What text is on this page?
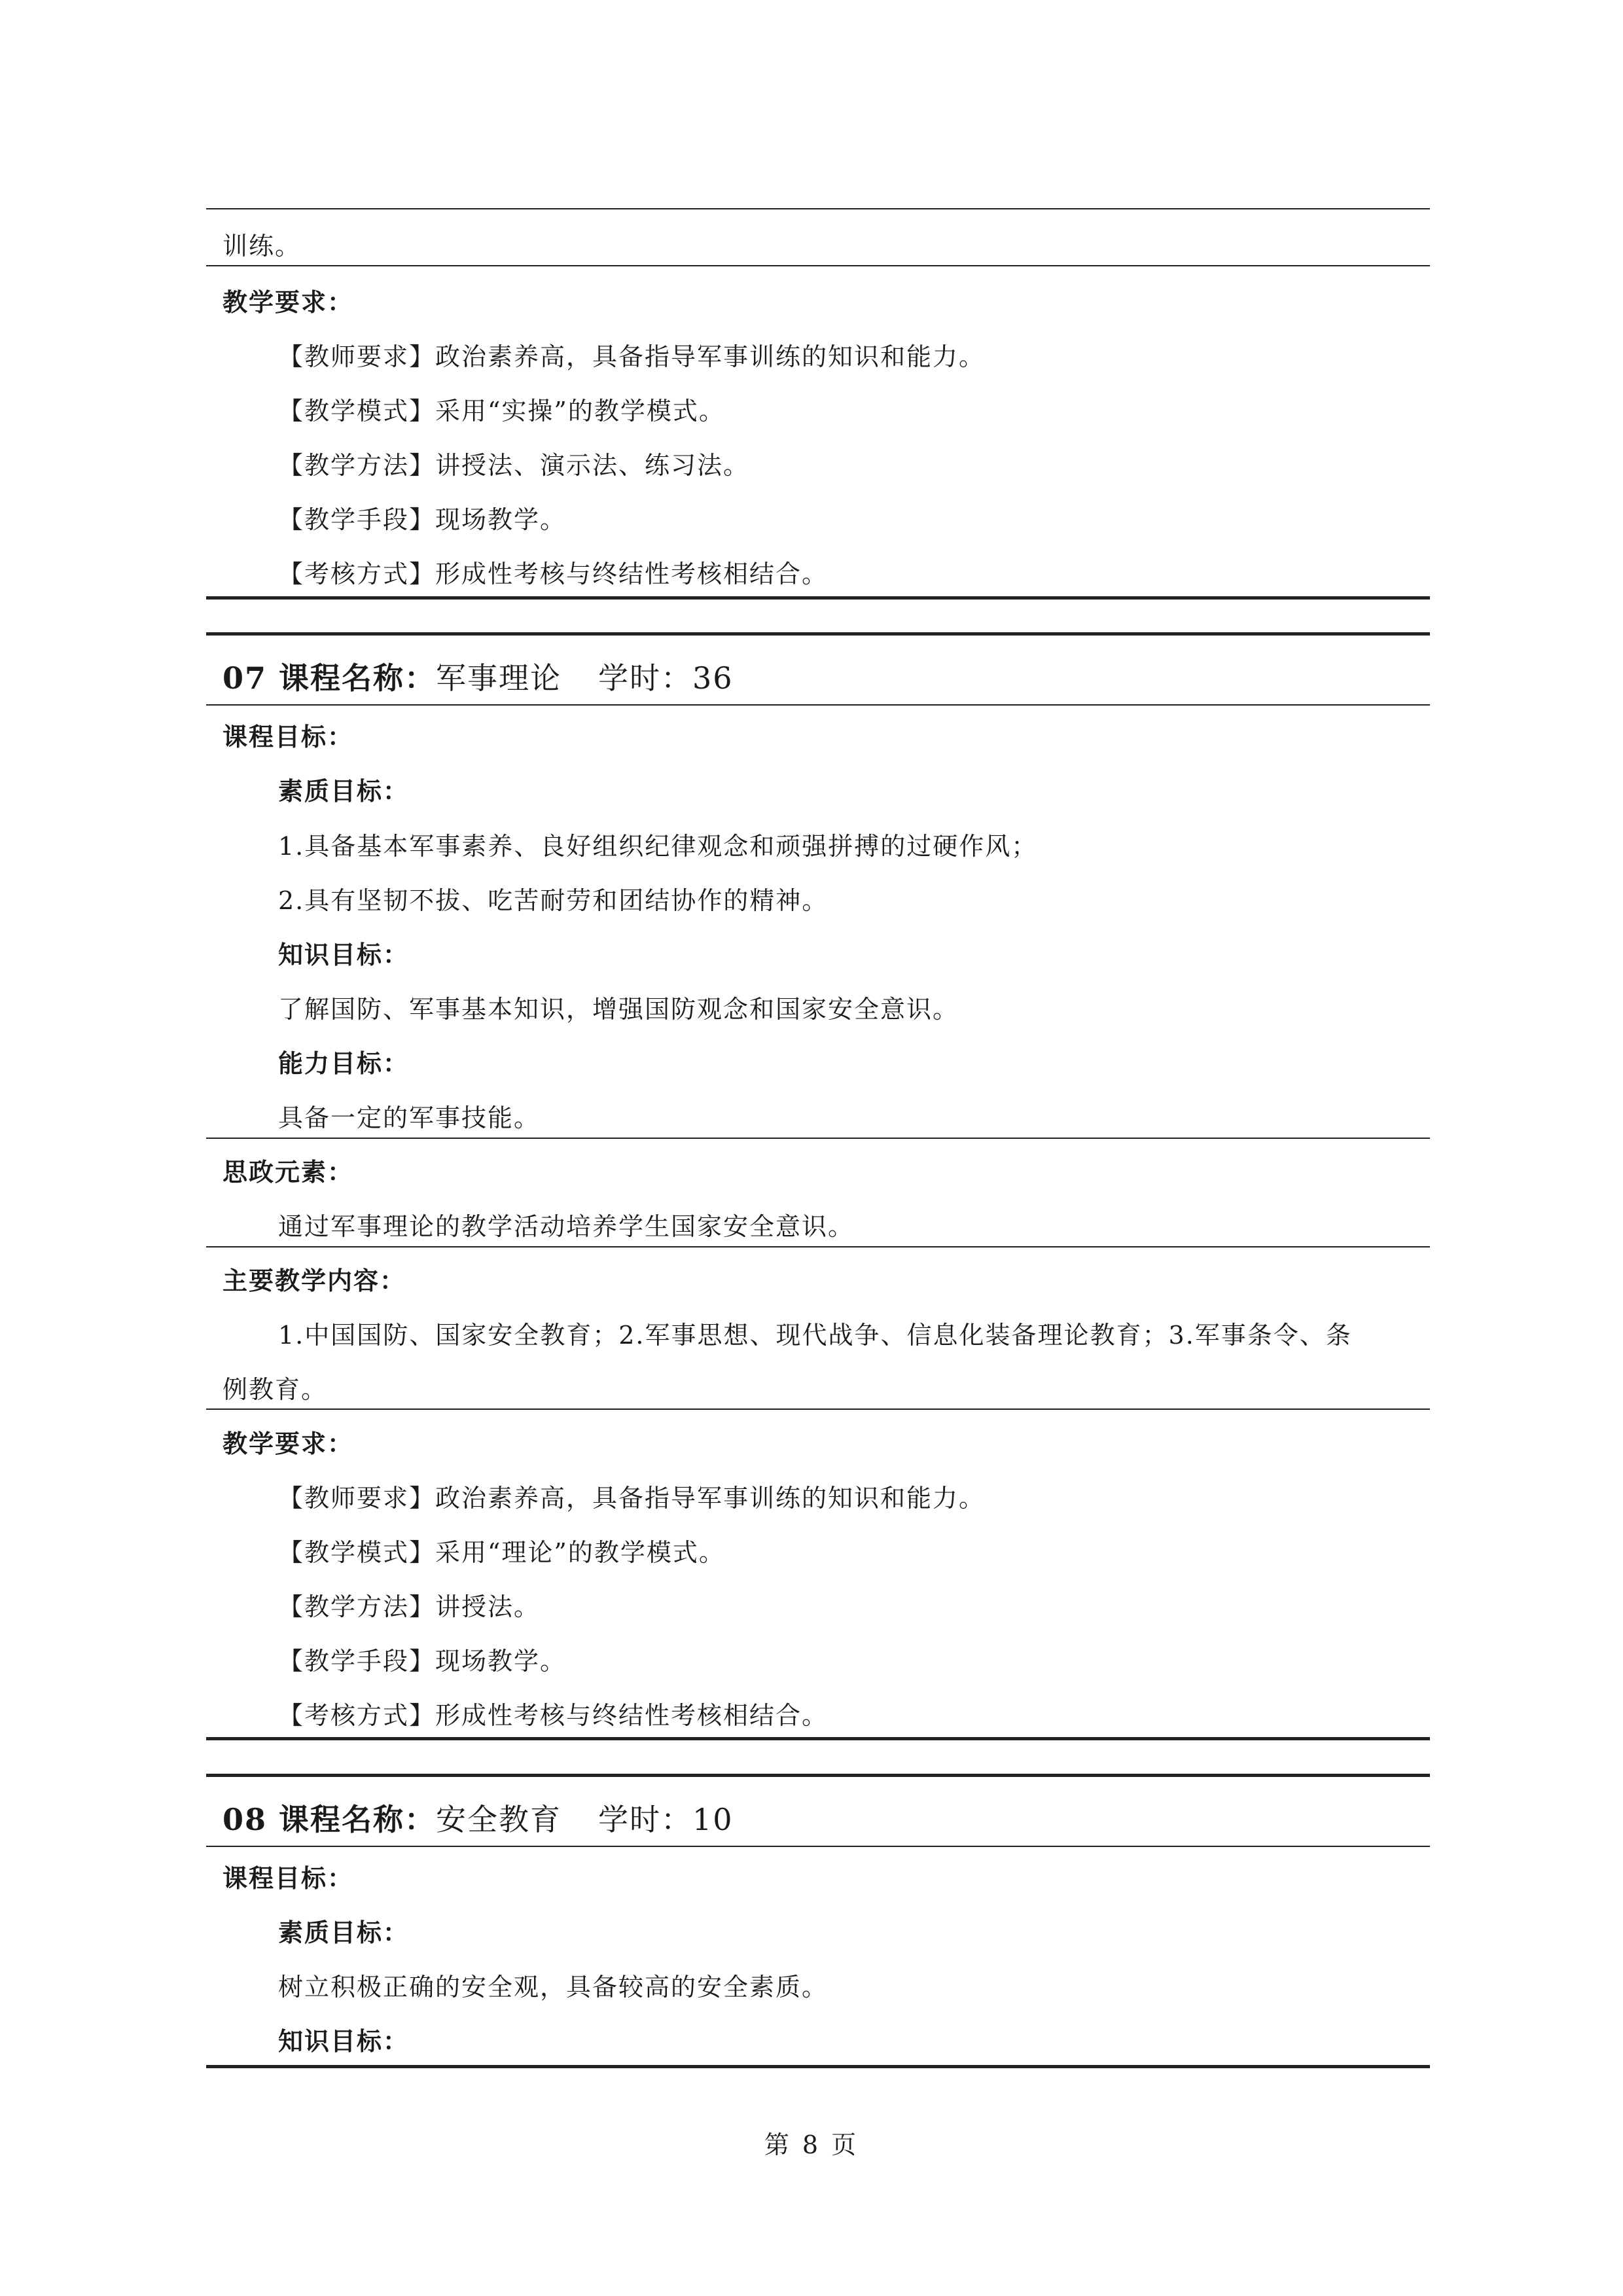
训练。
教学要求：
【教师要求】政治素养高，具备指导军事训练的知识和能力。
【教学模式】采用“实操”的教学模式。
【教学方法】讲授法、演示法、练习法。
【教学手段】现场教学。
【考核方式】形成性考核与终结性考核相结合。
07 课程名称：军事理论 学时：36
课程目标：
素质目标：
1.具备基本军事素养、良好组织纪律观念和顽强拼搏的过硬作风；
2.具有坚韧不拔、吃苦耐劳和团结协作的精神。
知识目标：
了解国防、军事基本知识，增强国防观念和国家安全意识。
能力目标：
具备一定的军事技能。
思政元素：
通过军事理论的教学活动培养学生国家安全意识。
主要教学内容：
1.中国国防、国家安全教育；2.军事思想、现代战争、信息化装备理论教育；3.军事条令、条
例教育。
教学要求：
【教师要求】政治素养高，具备指导军事训练的知识和能力。
【教学模式】采用“理论”的教学模式。
【教学方法】讲授法。
【教学手段】现场教学。
【考核方式】形成性考核与终结性考核相结合。
08 课程名称：安全教育 学时：10
课程目标：
素质目标：
树立积极正确的安全观，具备较高的安全素质。
知识目标：
第 8 页
